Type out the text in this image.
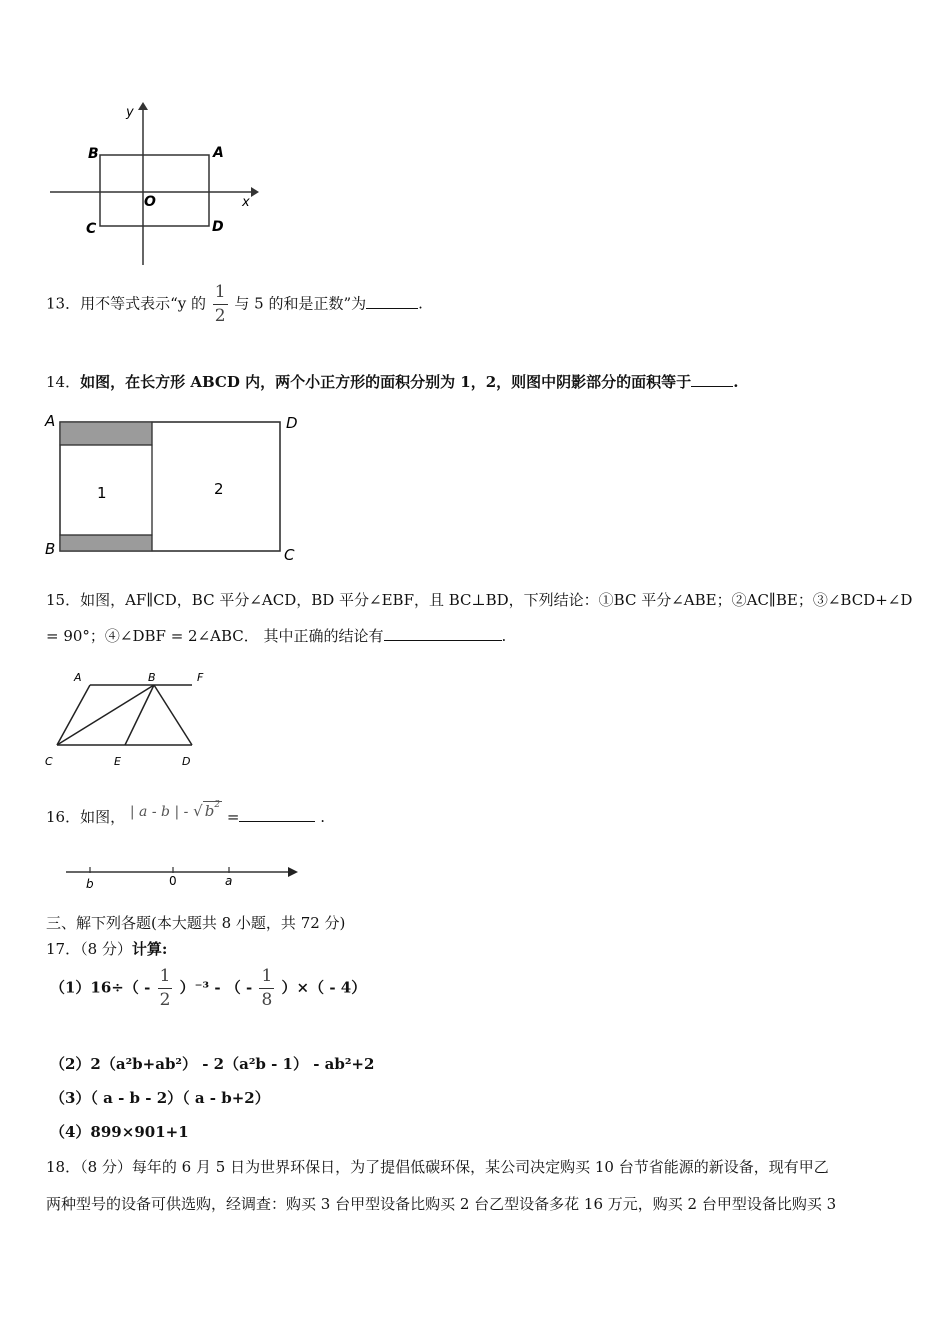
y
x
O
A
B
C	D
13．用不等式表示“y 的 $\frac{1}{2}$ 与 5 的和是正数”为	.
14．如图，在长方形 ABCD 内，两个小正方形的面积分别为 1，2，则图中阴影部分的面积等于	.
A
B	C
D
1	2
15．如图，AF∥CD，BC 平分∠ACD，BD 平分∠EBF，且 BC⊥BD，下列结论：①BC 平分∠ABE；②AC∥BE；③∠BCD+∠D
= 90°；④∠DBF = 2∠ABC． 其中正确的结论有	.
A	B	F
C	E	D
16．如图， | a - b | - √ $b^2$ =	.
b	0	a
三、解下列各题(本大题共 8 小题，共 72 分)
17．（8 分）计算:
$(1)16\div( - \frac{1}{2} )^{-3}$ - （ - $\frac{1}{8}$ ）×（ - 4）
（2）2（a²b+ab²） - 2（a²b - 1） - ab²+2
（3）（ a - b - 2）（ a - b+2）
（4）899×901+1
18．（8 分）每年的 6 月 5 日为世界环保日，为了提倡低碳环保，某公司决定购买 10 台节省能源的新设备，现有甲乙
两种型号的设备可供选购，经调查：购买 3 台甲型设备比购买 2 台乙型设备多花 16 万元，购买 2 台甲型设备比购买 3
